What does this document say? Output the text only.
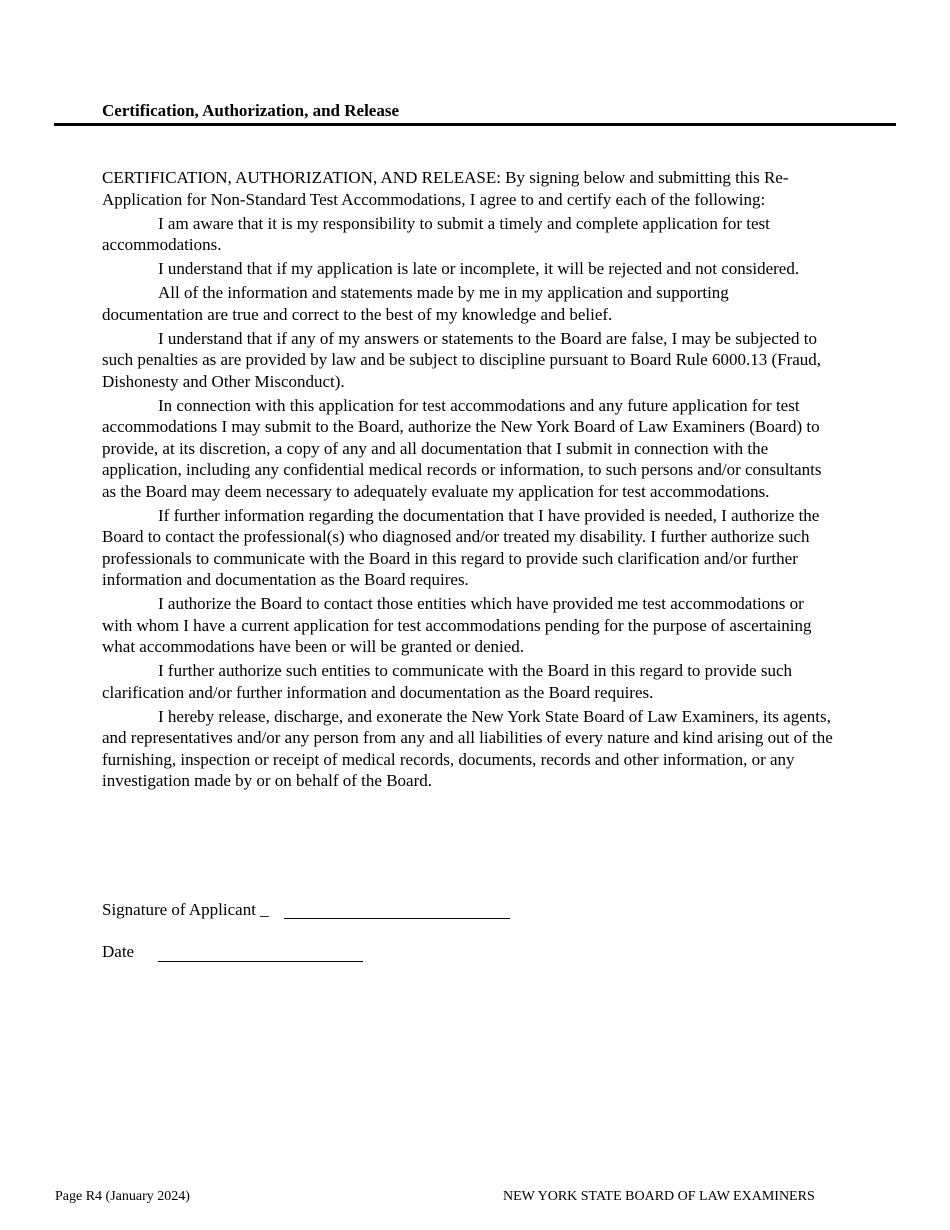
Certification, Authorization, and Release

CERTIFICATION, AUTHORIZATION, AND RELEASE: By signing below and submitting this Re-Application for Non-Standard Test Accommodations, I agree to and certify each of the following:

I am aware that it is my responsibility to submit a timely and complete application for test accommodations.

I understand that if my application is late or incomplete, it will be rejected and not considered.

All of the information and statements made by me in my application and supporting documentation are true and correct to the best of my knowledge and belief.

I understand that if any of my answers or statements to the Board are false, I may be subjected to such penalties as are provided by law and be subject to discipline pursuant to Board Rule 6000.13 (Fraud, Dishonesty and Other Misconduct).

In connection with this application for test accommodations and any future application for test accommodations I may submit to the Board, authorize the New York Board of Law Examiners (Board) to provide, at its discretion, a copy of any and all documentation that I submit in connection with the application, including any confidential medical records or information, to such persons and/or consultants as the Board may deem necessary to adequately evaluate my application for test accommodations.

If further information regarding the documentation that I have provided is needed, I authorize the Board to contact the professional(s) who diagnosed and/or treated my disability. I further authorize such professionals to communicate with the Board in this regard to provide such clarification and/or further information and documentation as the Board requires.

I authorize the Board to contact those entities which have provided me test accommodations or with whom I have a current application for test accommodations pending for the purpose of ascertaining what accommodations have been or will be granted or denied.

I further authorize such entities to communicate with the Board in this regard to provide such clarification and/or further information and documentation as the Board requires.

I hereby release, discharge, and exonerate the New York State Board of Law Examiners, its agents, and representatives and/or any person from any and all liabilities of every nature and kind arising out of the furnishing, inspection or receipt of medical records, documents, records and other information, or any investigation made by or on behalf of the Board.

Signature of Applicant _
Date
Page R4 (January 2024)	NEW YORK STATE BOARD OF LAW EXAMINERS
